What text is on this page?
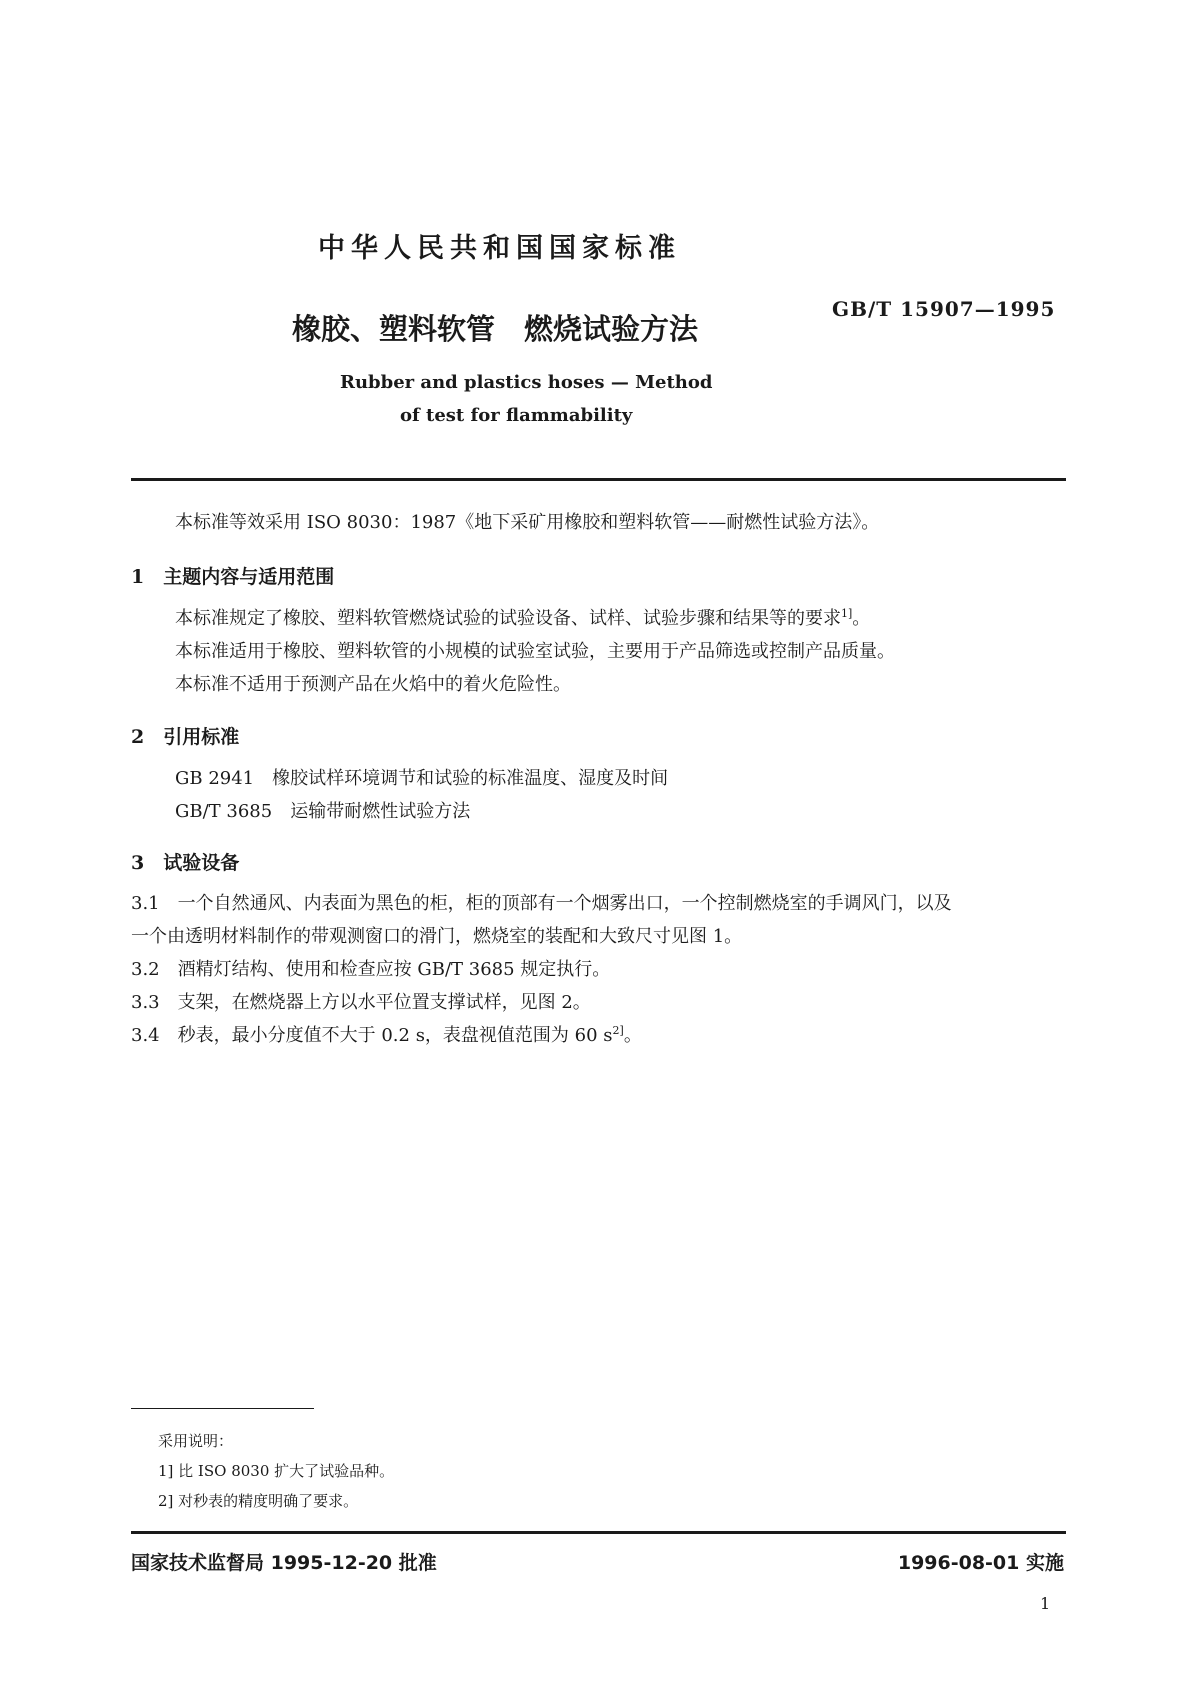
中华人民共和国国家标准
橡胶、塑料软管　燃烧试验方法
GB/T 15907—1995
Rubber and plastics hoses — Method
of test for flammability
本标准等效采用 ISO 8030：1987《地下采矿用橡胶和塑料软管——耐燃性试验方法》。
1　主题内容与适用范围
本标准规定了橡胶、塑料软管燃烧试验的试验设备、试样、试验步骤和结果等的要求$^{1]}$。
本标准适用于橡胶、塑料软管的小规模的试验室试验，主要用于产品筛选或控制产品质量。
本标准不适用于预测产品在火焰中的着火危险性。
2　引用标准
GB 2941　橡胶试样环境调节和试验的标准温度、湿度及时间
GB/T 3685　运输带耐燃性试验方法
3　试验设备
3.1　一个自然通风、内表面为黑色的柜，柜的顶部有一个烟雾出口，一个控制燃烧室的手调风门，以及
一个由透明材料制作的带观测窗口的滑门，燃烧室的装配和大致尺寸见图 1。
3.2　酒精灯结构、使用和检查应按 GB/T 3685 规定执行。
3.3　支架，在燃烧器上方以水平位置支撑试样，见图 2。
3.4　秒表，最小分度值不大于 0.2 s，表盘视值范围为 60 $s^{2]}$。
采用说明：
1] 比 ISO 8030 扩大了试验品种。
2] 对秒表的精度明确了要求。
国家技术监督局 1995-12-20 批准	1996-08-01 实施
1
